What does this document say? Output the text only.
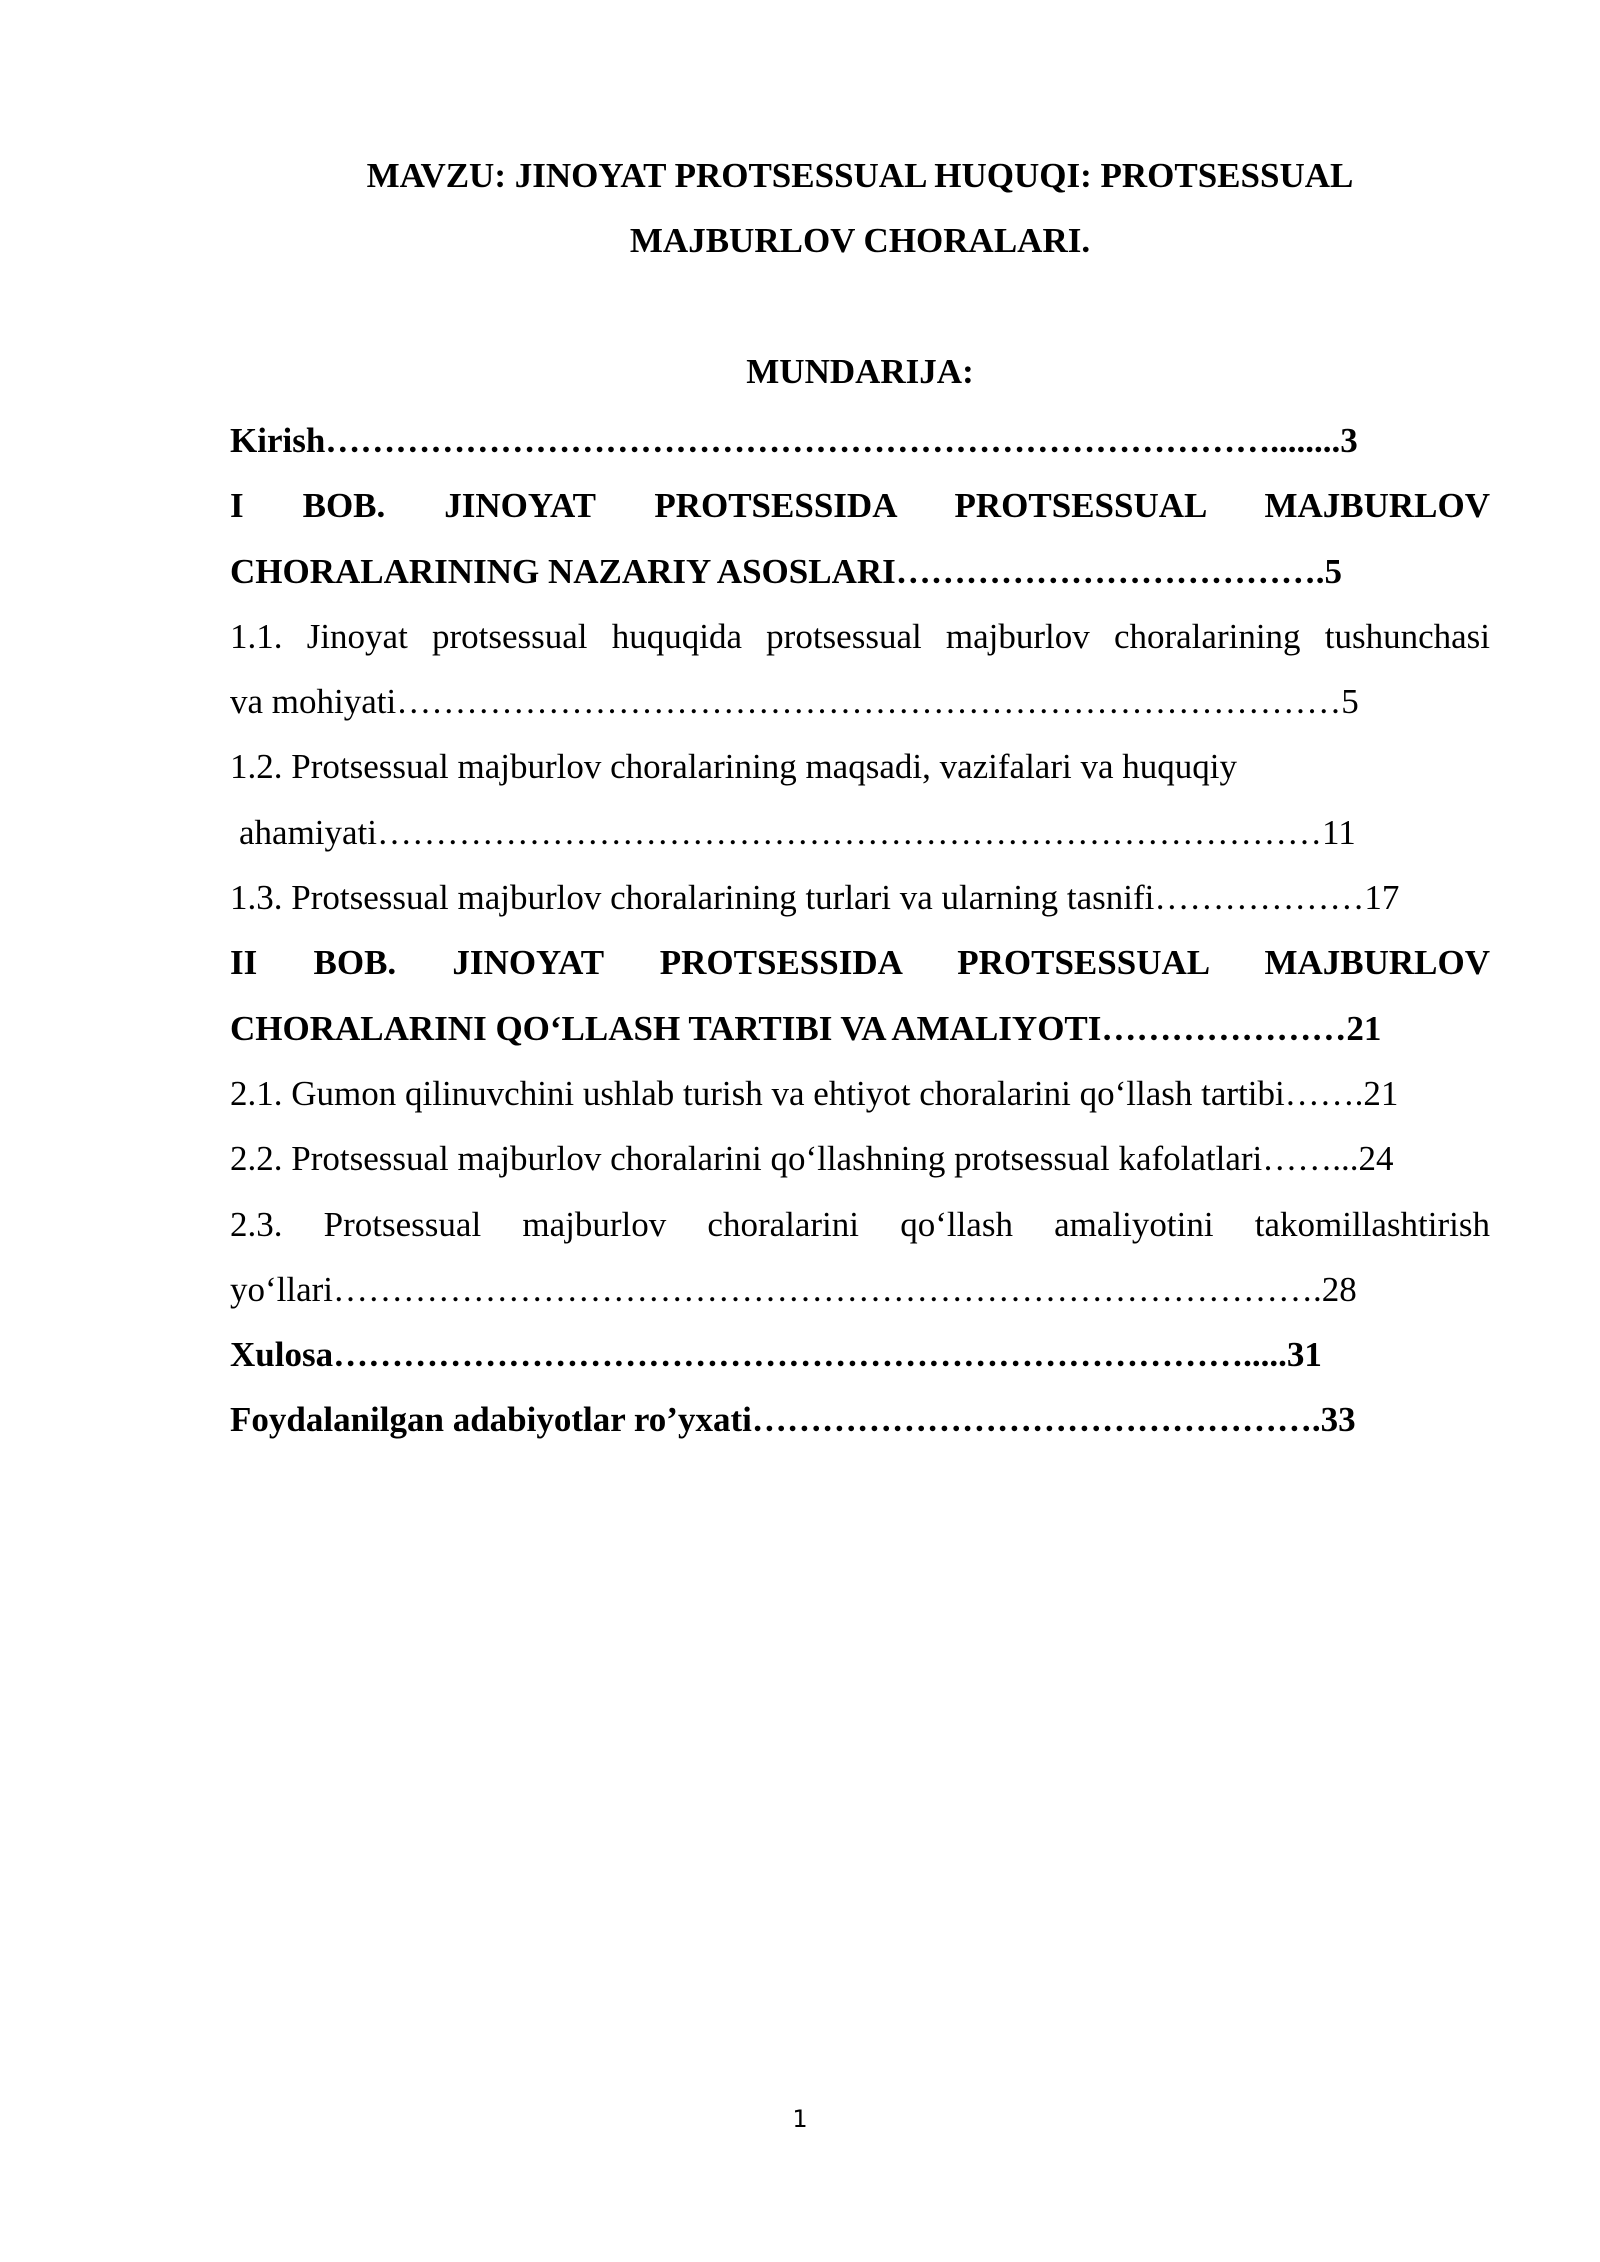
MAVZU: JINOYAT PROTSESSUAL HUQUQI: PROTSESSUAL
MAJBURLOV CHORALARI.
MUNDARIJA:
Kirish………………………………………………………………………........3
I BOB. JINOYAT PROTSESSIDA PROTSESSUAL MAJBURLOV
CHORALARINING NAZARIY ASOSLARI……………………………….5
1.1. Jinoyat protsessual huquqida protsessual majburlov choralarining tushunchasi
va mohiyati………………………………………………………………………5
1.2. Protsessual majburlov choralarining maqsadi, vazifalari va huquqiy
ahamiyati………………………………………………………………………11
1.3. Protsessual majburlov choralarining turlari va ularning tasnifi………………17
II BOB. JINOYAT PROTSESSIDA PROTSESSUAL MAJBURLOV
CHORALARINI QO‘LLASH TARTIBI VA AMALIYOTI…………………21
2.1. Gumon qilinuvchini ushlab turish va ehtiyot choralarini qo‘llash tartibi…….21
2.2. Protsessual majburlov choralarini qo‘llashning protsessual kafolatlari……...24
2.3. Protsessual majburlov choralarini qo‘llash amaliyotini takomillashtirish
yo‘llari………………………………………………………………………….28
Xulosa…………………………………………………………………….....31
Foydalanilgan adabiyotlar ro’yxati………………………………………….33
1
